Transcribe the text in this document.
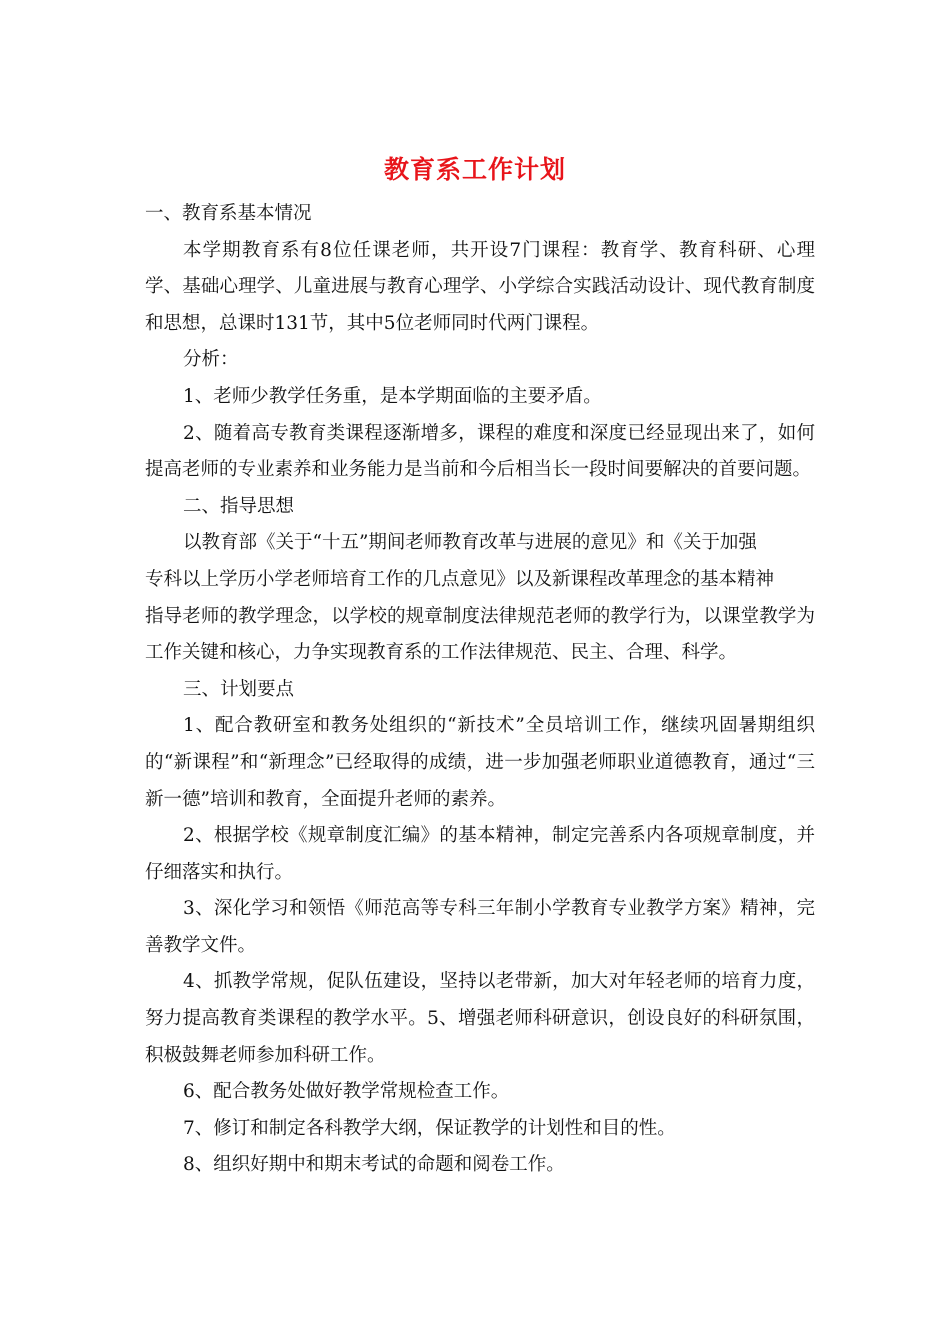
教育系工作计划

一、教育系基本情况

本学期教育系有8位任课老师，共开设7门课程：教育学、教育科研、心理学、基础心理学、儿童进展与教育心理学、小学综合实践活动设计、现代教育制度和思想，总课时131节，其中5位老师同时代两门课程。

分析：

1、老师少教学任务重，是本学期面临的主要矛盾。

2、随着高专教育类课程逐渐增多，课程的难度和深度已经显现出来了，如何提高老师的专业素养和业务能力是当前和今后相当长一段时间要解决的首要问题。

二、指导思想

以教育部《关于“十五”期间老师教育改革与进展的意见》和《关于加强

专科以上学历小学老师培育工作的几点意见》以及新课程改革理念的基本精神

指导老师的教学理念，以学校的规章制度法律规范老师的教学行为，以课堂教学为工作关键和核心，力争实现教育系的工作法律规范、民主、合理、科学。

三、计划要点

1、配合教研室和教务处组织的“新技术”全员培训工作，继续巩固暑期组织的“新课程”和“新理念”已经取得的成绩，进一步加强老师职业道德教育，通过“三新一德”培训和教育，全面提升老师的素养。

2、根据学校《规章制度汇编》的基本精神，制定完善系内各项规章制度，并仔细落实和执行。

3、深化学习和领悟《师范高等专科三年制小学教育专业教学方案》精神，完善教学文件。

4、抓教学常规，促队伍建设，坚持以老带新，加大对年轻老师的培育力度，努力提高教育类课程的教学水平。5、增强老师科研意识，创设良好的科研氛围，积极鼓舞老师参加科研工作。

6、配合教务处做好教学常规检查工作。

7、修订和制定各科教学大纲，保证教学的计划性和目的性。

8、组织好期中和期末考试的命题和阅卷工作。
